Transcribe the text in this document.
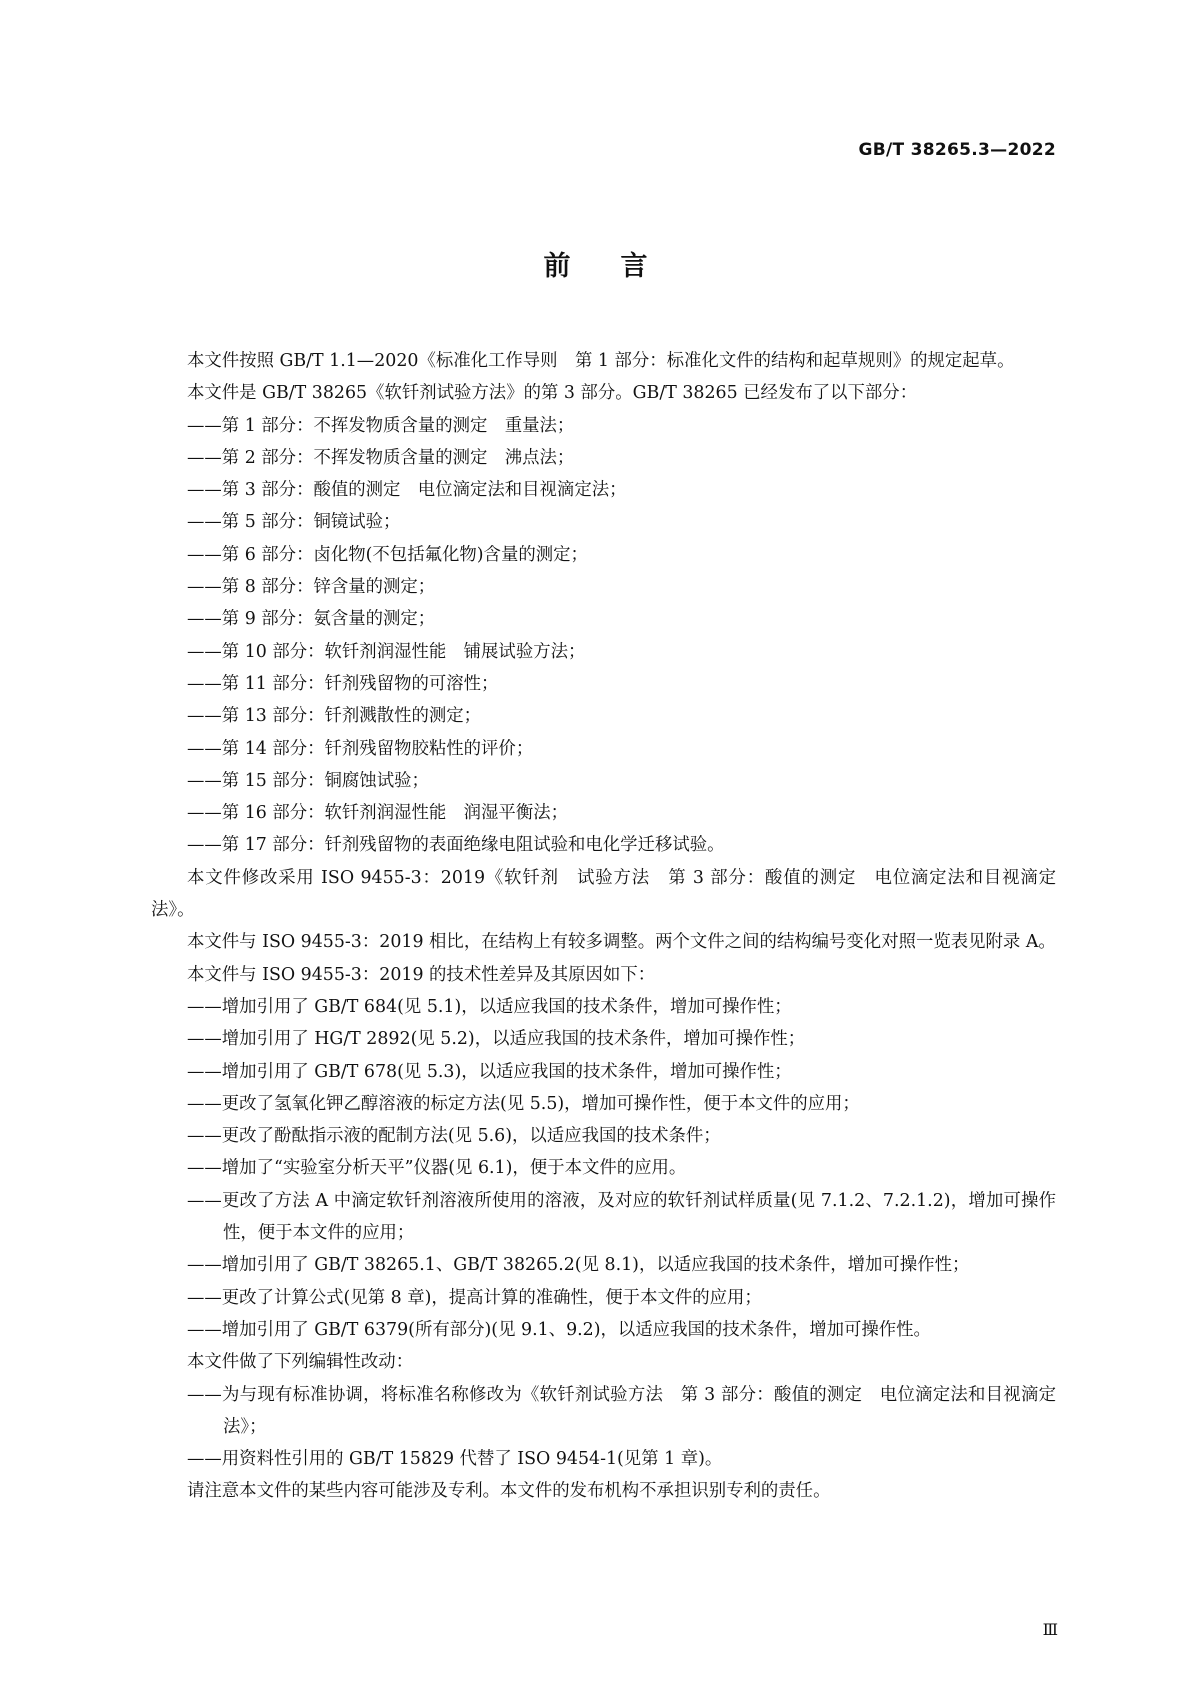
GB/T 38265.3—2022
前言

本文件按照 GB/T 1.1—2020《标准化工作导则　第 1 部分：标准化文件的结构和起草规则》的规定起草。

本文件是 GB/T 38265《软钎剂试验方法》的第 3 部分。GB/T 38265 已经发布了以下部分：

——第 1 部分：不挥发物质含量的测定　重量法；

——第 2 部分：不挥发物质含量的测定　沸点法；

——第 3 部分：酸值的测定　电位滴定法和目视滴定法；

——第 5 部分：铜镜试验；

——第 6 部分：卤化物(不包括氟化物)含量的测定；

——第 8 部分：锌含量的测定；

——第 9 部分：氨含量的测定；

——第 10 部分：软钎剂润湿性能　铺展试验方法；

——第 11 部分：钎剂残留物的可溶性；

——第 13 部分：钎剂溅散性的测定；

——第 14 部分：钎剂残留物胶粘性的评价；

——第 15 部分：铜腐蚀试验；

——第 16 部分：软钎剂润湿性能　润湿平衡法；

——第 17 部分：钎剂残留物的表面绝缘电阻试验和电化学迁移试验。

本文件修改采用 ISO 9455-3：2019《软钎剂　试验方法　第 3 部分：酸值的测定　电位滴定法和目视滴定法》。

本文件与 ISO 9455-3：2019 相比，在结构上有较多调整。两个文件之间的结构编号变化对照一览表见附录 A。

本文件与 ISO 9455-3：2019 的技术性差异及其原因如下：

——增加引用了 GB/T 684(见 5.1)，以适应我国的技术条件，增加可操作性；

——增加引用了 HG/T 2892(见 5.2)，以适应我国的技术条件，增加可操作性；

——增加引用了 GB/T 678(见 5.3)，以适应我国的技术条件，增加可操作性；

——更改了氢氧化钾乙醇溶液的标定方法(见 5.5)，增加可操作性，便于本文件的应用；

——更改了酚酞指示液的配制方法(见 5.6)，以适应我国的技术条件；

——增加了“实验室分析天平”仪器(见 6.1)，便于本文件的应用。

——更改了方法 A 中滴定软钎剂溶液所使用的溶液，及对应的软钎剂试样质量(见 7.1.2、7.2.1.2)，增加可操作性，便于本文件的应用；

——增加引用了 GB/T 38265.1、GB/T 38265.2(见 8.1)，以适应我国的技术条件，增加可操作性；

——更改了计算公式(见第 8 章)，提高计算的准确性，便于本文件的应用；

——增加引用了 GB/T 6379(所有部分)(见 9.1、9.2)，以适应我国的技术条件，增加可操作性。

本文件做了下列编辑性改动：

——为与现有标准协调，将标准名称修改为《软钎剂试验方法　第 3 部分：酸值的测定　电位滴定法和目视滴定法》；

——用资料性引用的 GB/T 15829 代替了 ISO 9454-1(见第 1 章)。

请注意本文件的某些内容可能涉及专利。本文件的发布机构不承担识别专利的责任。

Ⅲ
